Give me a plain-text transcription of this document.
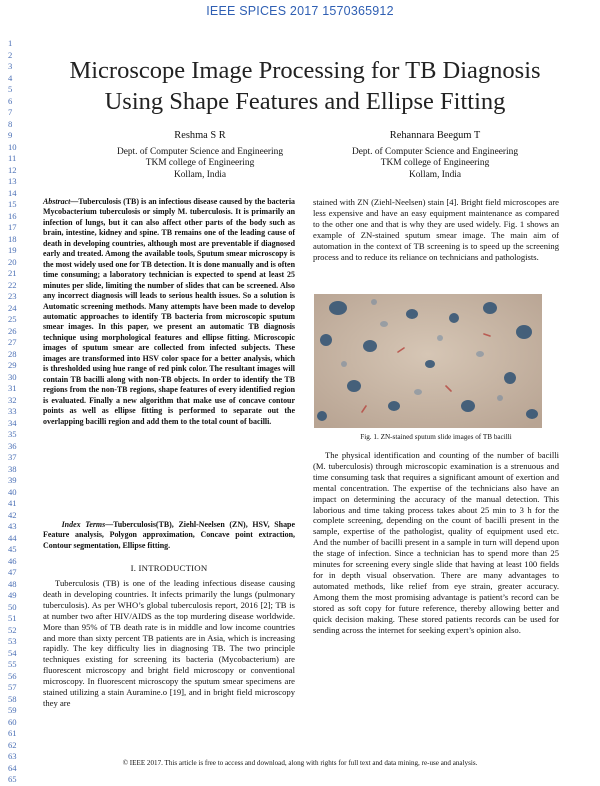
IEEE SPICES 2017 1570365912
1
2
3
4
5
6
7
8
9
10
11
12
13
14
15
16
17
18
19
20
21
22
23
24
25
26
27
28
29
30
31
32
33
34
35
36
37
38
39
40
41
42
43
44
45
46
47
48
49
50
51
52
53
54
55
56
57
58
59
60
61
62
63
64
65
Microscope Image Processing for TB Diagnosis
Using Shape Features and Ellipse Fitting
Reshma S R
Dept. of Computer Science and Engineering
TKM college of Engineering
Kollam, India
Rehannara Beegum T
Dept. of Computer Science and Engineering
TKM college of Engineering
Kollam, India
Abstract—Tuberculosis (TB) is an infectious disease caused by the bacteria Mycobacterium tuberculosis or simply M. tuberculosis. It is primarily an infection of lungs, but it can also affect other parts of the body such as brain, intestine, kidney and spine. TB remains one of the leading cause of death in developing countries, although most are preventable if diagnosed early and treated. Among the available tools, Sputum smear microscopy is the most widely used one for TB detection. It is done manually and is often time consuming; a laboratory technician is expected to spend at least 25 minutes per slide, limiting the number of slides that can be screened. Also any incorrect diagnosis will leads to serious health issues. So a solution is Automatic screening methods. Many attempts have been made to develop automatic approaches to identify TB bacteria from microscopic sputum smear images. In this paper, we present an automatic TB diagnosis technique using morphological features and ellipse fitting. Microscopic images of sputum smear are collected from infected subjects. These images are transformed into HSV color space for a better analysis, which is thresholded using hue range of red pink color. The resultant images will contain TB bacilli along with non-TB objects. In order to identify the TB regions from the non-TB regions, shape features of every identified region is evaluated. Finally a new algorithm that make use of concave contour points as well as ellipse fitting is performed to separate out the overlapping bacilli region and add them to the total count of bacilli.
Index Terms—Tuberculosis(TB), Ziehl-Neelsen (ZN), HSV, Shape Feature analysis, Polygon approximation, Concave point extraction, Contour segmentation, Ellipse fitting.
I. INTRODUCTION

Tuberculosis (TB) is one of the leading infectious disease causing death in developing countries. It infects primarily the lungs (pulmonary tuberculosis). As per WHO’s global tuberculosis report, 2016 [2]; TB is at number two after HIV/AIDS as the top murdering disease worldwide. More than 95% of TB death rate is in middle and low income countries and more than sixty percent TB patients are in Asia, which is increasing rapidly. The key difficulty lies in diagnosing TB. The two principle techniques existing for screening its bacteria (Mycobacterium) are fluorescent microscopy and bright field microscopy or conventional microscopy. In fluorescent microscopy the sputum smear specimens are stained utilizing a stain Auramine.o [19], and in bright field microscopy they are

stained with ZN (Ziehl-Neelsen) stain [4]. Bright field microscopes are less expensive and have an easy equipment maintenance as compared to the other one and that is why they are used widely. Fig. 1 shows an example of ZN-stained sputum smear image. The main aim of automation in the context of TB screening is to speed up the screening process and to reduce its reliance on technicians and pathologists.

Fig. 1. ZN-stained sputum slide images of TB bacilli

The physical identification and counting of the number of bacilli (M. tuberculosis) through microscopic examination is a strenuous and time consuming task that requires a significant amount of exertion and mental concentration. The expertise of the technicians also have an impact on determining the accuracy of the manual detection. This laborious and time taking process takes about 25 min to 3 h for the complete screening, depending on the count of bacilli present in the sample, expertise of the pathologist, quality of equipment used etc. And the number of bacilli present in a sample in turn will depend upon the stage of infection. Since a technician has to spend more than 25 minutes for screening every single slide that having at least 100 fields for in depth visual observation. There are many advantages to automated methods, like relief from eye strain, greater accuracy. Among them the most promising advantage is patient’s record can be stored as soft copy for future reference, thereby allowing better and quick decision making. These stored patients records can be used for sending across the internet for seeking expert’s opinion also.

© IEEE 2017. This article is free to access and download, along with rights for full text and data mining, re-use and analysis.
